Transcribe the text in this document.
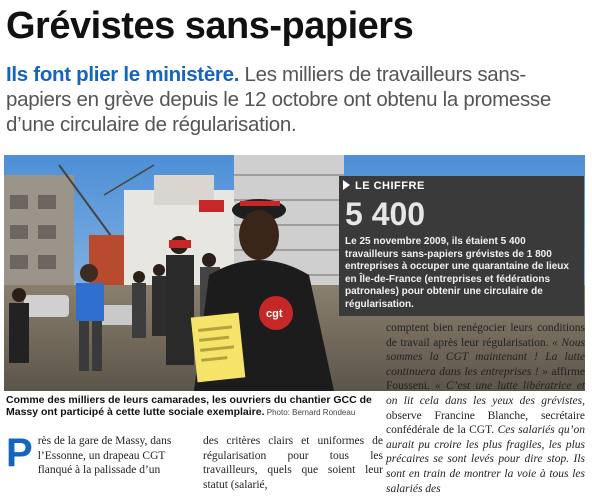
Grévistes sans-papiers
Ils font plier le ministère. Les milliers de travailleurs sans-papiers en grève depuis le 12 octobre ont obtenu la promesse d’une circulaire de régularisation.
cgt
LE CHIFFRE
5 400
Le 25 novembre 2009, ils étaient 5 400 travailleurs sans-papiers grévistes de 1 800 entreprises à occuper une quarantaine de lieux en Île-de-France (entreprises et fédérations patronales) pour obtenir une circulaire de régularisation.
Comme des milliers de leurs camarades, les ouvriers du chantier GCC de Massy ont participé à cette lutte sociale exemplaire. Photo: Bernard Rondeau
comptent bien renégocier leurs conditions de travail après leur régularisation. « Nous sommes la CGT maintenant ! La lutte continuera dans les entreprises ! » affirme Fousseni. « C’est une lutte libératrice et on lit cela dans les yeux des grévistes, observe Francine Blanche, secrétaire confédérale de la CGT. Ces salariés qu’on aurait pu croire les plus fragiles, les plus précaires se sont levés pour dire stop. Ils sont en train de montrer la voie à tous les salariés des
Près de la gare de Massy, dans l’Essonne, un drapeau CGT flanqué à la palissade d’un
des critères clairs et uniformes de régularisation pour tous les travailleurs, quels que soient leur statut (salarié,
